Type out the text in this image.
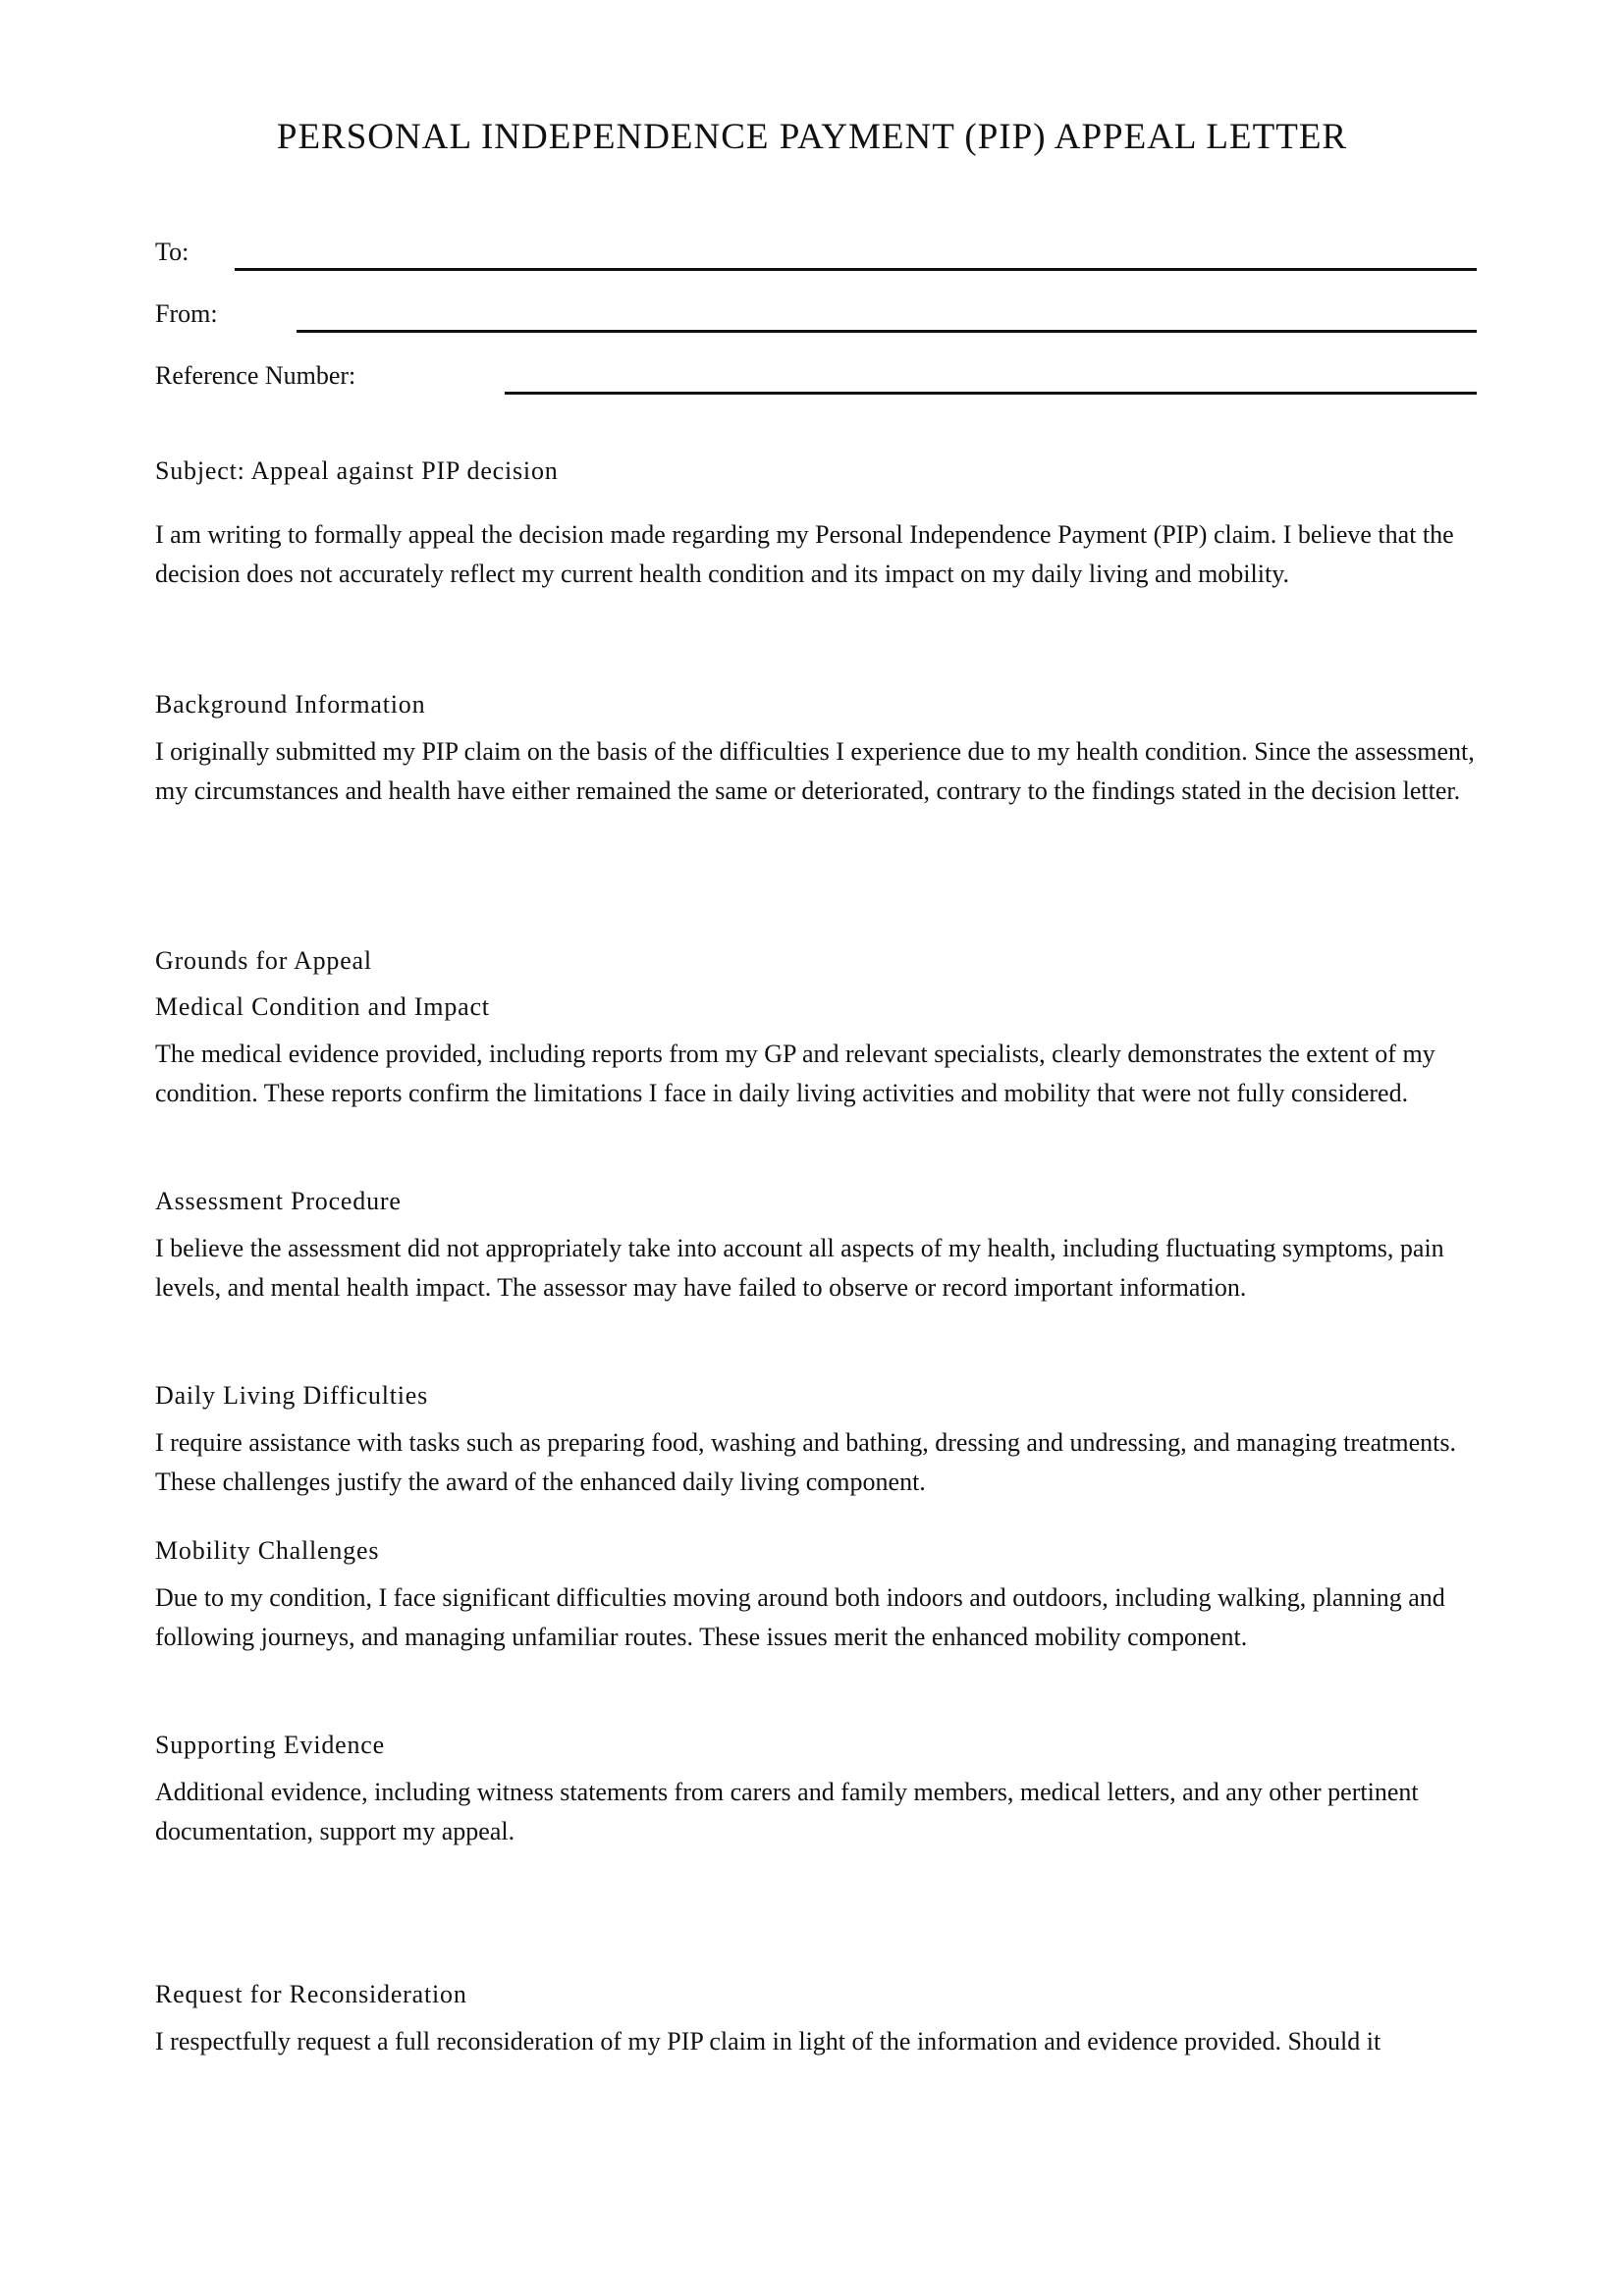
PERSONAL INDEPENDENCE PAYMENT (PIP) APPEAL LETTER
To:
From:
Reference Number:

Subject: Appeal against PIP decision

I am writing to formally appeal the decision made regarding my Personal Independence Payment (PIP) claim. I believe that the decision does not accurately reflect my current health condition and its impact on my daily living and mobility.

Background Information

I originally submitted my PIP claim on the basis of the difficulties I experience due to my health condition. Since the assessment, my circumstances and health have either remained the same or deteriorated, contrary to the findings stated in the decision letter.

Grounds for Appeal

Medical Condition and Impact

The medical evidence provided, including reports from my GP and relevant specialists, clearly demonstrates the extent of my condition. These reports confirm the limitations I face in daily living activities and mobility that were not fully considered.

Assessment Procedure

I believe the assessment did not appropriately take into account all aspects of my health, including fluctuating symptoms, pain levels, and mental health impact. The assessor may have failed to observe or record important information.

Daily Living Difficulties

I require assistance with tasks such as preparing food, washing and bathing, dressing and undressing, and managing treatments. These challenges justify the award of the enhanced daily living component.

Mobility Challenges

Due to my condition, I face significant difficulties moving around both indoors and outdoors, including walking, planning and following journeys, and managing unfamiliar routes. These issues merit the enhanced mobility component.

Supporting Evidence

Additional evidence, including witness statements from carers and family members, medical letters, and any other pertinent documentation, support my appeal.

Request for Reconsideration

I respectfully request a full reconsideration of my PIP claim in light of the information and evidence provided. Should it
